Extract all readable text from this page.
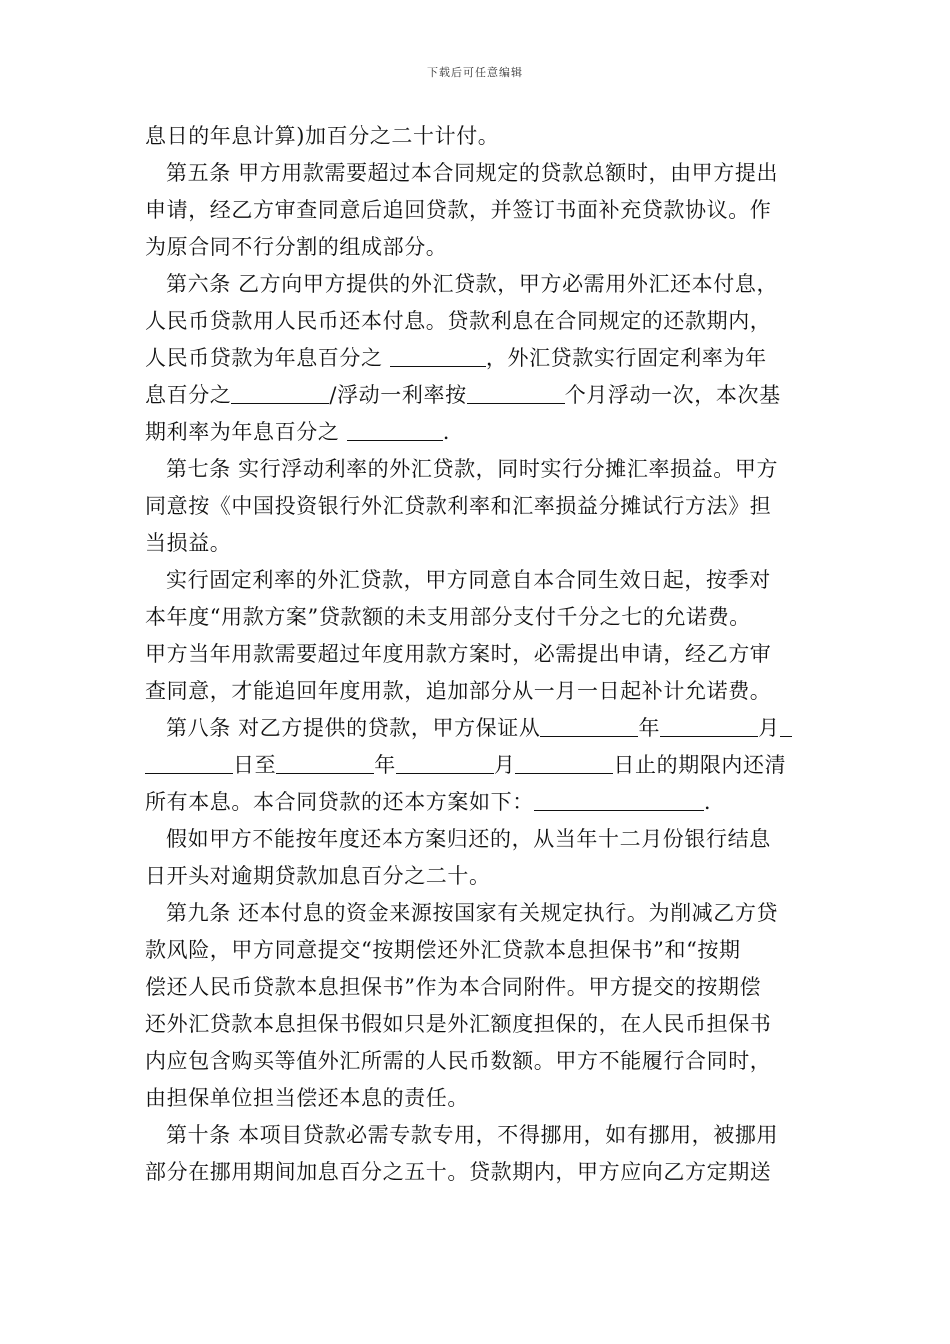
下载后可任意编辑
息日的年息计算)加百分之二十计付。
第五条 甲方用款需要超过本合同规定的贷款总额时，由甲方提出
申请，经乙方审查同意后追回贷款，并签订书面补充贷款协议。作
为原合同不行分割的组成部分。
第六条 乙方向甲方提供的外汇贷款，甲方必需用外汇还本付息，
人民币贷款用人民币还本付息。贷款利息在合同规定的还款期内，
人民币贷款为年息百分之	，外汇贷款实行固定利率为年
息百分之	/浮动一利率按	个月浮动一次，本次基
期利率为年息百分之	.
第七条 实行浮动利率的外汇贷款，同时实行分摊汇率损益。甲方
同意按《中国投资银行外汇贷款利率和汇率损益分摊试行方法》担
当损益。
实行固定利率的外汇贷款，甲方同意自本合同生效日起，按季对
本年度“用款方案”贷款额的未支用部分支付千分之七的允诺费。
甲方当年用款需要超过年度用款方案时，必需提出申请，经乙方审
查同意，才能追回年度用款，追加部分从一月一日起补计允诺费。
第八条 对乙方提供的贷款，甲方保证从	年	月
日至	年	月	日止的期限内还清
所有本息。本合同贷款的还本方案如下：	.
假如甲方不能按年度还本方案归还的，从当年十二月份银行结息
日开头对逾期贷款加息百分之二十。
第九条 还本付息的资金来源按国家有关规定执行。为削减乙方贷
款风险，甲方同意提交“按期偿还外汇贷款本息担保书”和“按期
偿还人民币贷款本息担保书”作为本合同附件。甲方提交的按期偿
还外汇贷款本息担保书假如只是外汇额度担保的，在人民币担保书
内应包含购买等值外汇所需的人民币数额。甲方不能履行合同时，
由担保单位担当偿还本息的责任。
第十条 本项目贷款必需专款专用，不得挪用，如有挪用，被挪用
部分在挪用期间加息百分之五十。贷款期内，甲方应向乙方定期送
